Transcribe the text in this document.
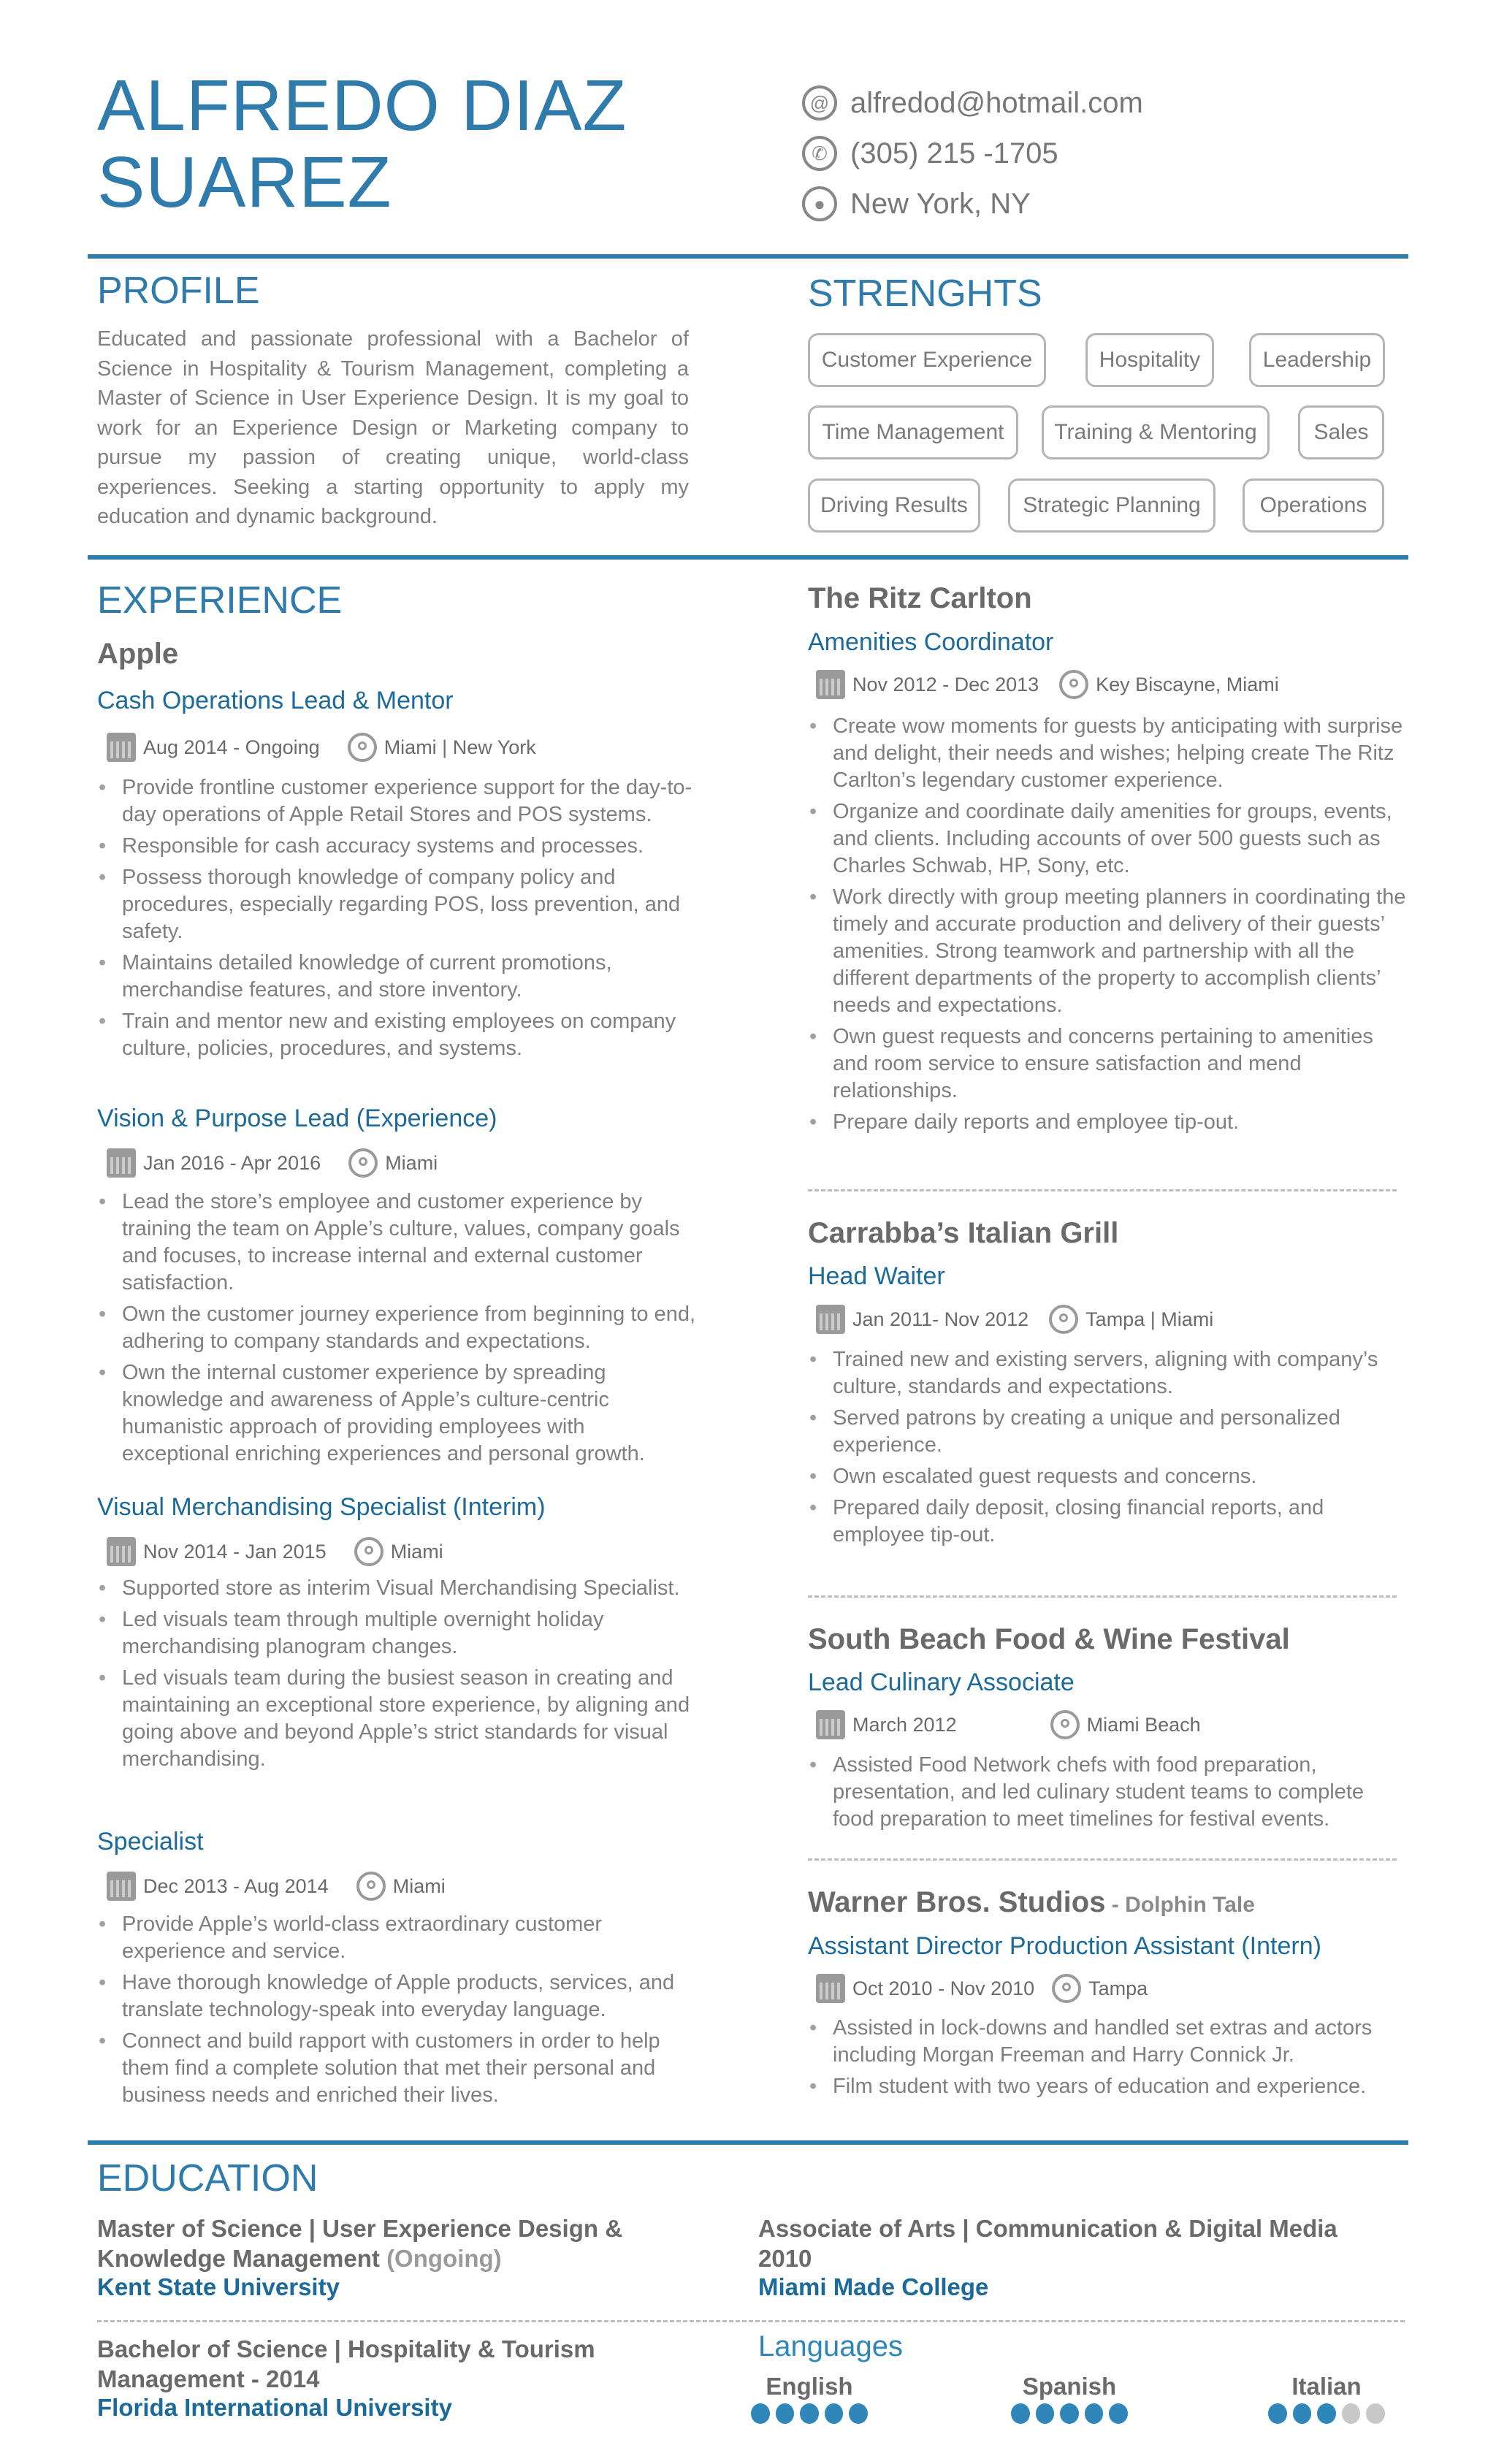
ALFREDO DIAZ
SUAREZ
@ alfredod@hotmail.com
✆ (305) 215 -1705
● New York, NY
PROFILE
Educated and passionate professional with a Bachelor of Science in Hospitality & Tourism Management, completing a Master of Science in User Experience Design. It is my goal to work for an Experience Design or Marketing company to pursue my passion of creating unique, world-class experiences. Seeking a starting opportunity to apply my education and dynamic background.
STRENGHTS
Customer Experience	Hospitality	Leadership
Time Management	Training & Mentoring	Sales
Driving Results	Strategic Planning	Operations
EXPERIENCE
Apple
Cash Operations Lead & Mentor
Aug 2014 - Ongoing	Miami | New York
• Provide frontline customer experience support for the day-to-day operations of Apple Retail Stores and POS systems.
• Responsible for cash accuracy systems and processes.
• Possess thorough knowledge of company policy and procedures, especially regarding POS, loss prevention, and safety.
• Maintains detailed knowledge of current promotions, merchandise features, and store inventory.
• Train and mentor new and existing employees on company culture, policies, procedures, and systems.
Vision & Purpose Lead (Experience)
Jan 2016 - Apr 2016	Miami
• Lead the store’s employee and customer experience by training the team on Apple’s culture, values, company goals and focuses, to increase internal and external customer satisfaction.
• Own the customer journey experience from beginning to end, adhering to company standards and expectations.
• Own the internal customer experience by spreading knowledge and awareness of Apple’s culture-centric humanistic approach of providing employees with exceptional enriching experiences and personal growth.
Visual Merchandising Specialist (Interim)
Nov 2014 - Jan 2015	Miami
• Supported store as interim Visual Merchandising Specialist.
• Led visuals team through multiple overnight holiday merchandising planogram changes.
• Led visuals team during the busiest season in creating and maintaining an exceptional store experience, by aligning and going above and beyond Apple’s strict standards for visual merchandising.
Specialist
Dec 2013 - Aug 2014	Miami
• Provide Apple’s world-class extraordinary customer experience and service.
• Have thorough knowledge of Apple products, services, and translate technology-speak into everyday language.
• Connect and build rapport with customers in order to help them find a complete solution that met their personal and business needs and enriched their lives.
The Ritz Carlton
Amenities Coordinator
Nov 2012 - Dec 2013	Key Biscayne, Miami
• Create wow moments for guests by anticipating with surprise and delight, their needs and wishes; helping create The Ritz Carlton’s legendary customer experience.
• Organize and coordinate daily amenities for groups, events, and clients. Including accounts of over 500 guests such as Charles Schwab, HP, Sony, etc.
• Work directly with group meeting planners in coordinating the timely and accurate production and delivery of their guests’ amenities. Strong teamwork and partnership with all the different departments of the property to accomplish clients’ needs and expectations.
• Own guest requests and concerns pertaining to amenities and room service to ensure satisfaction and mend relationships.
• Prepare daily reports and employee tip-out.
Carrabba’s Italian Grill
Head Waiter
Jan 2011- Nov 2012	Tampa | Miami
• Trained new and existing servers, aligning with company’s culture, standards and expectations.
• Served patrons by creating a unique and personalized experience.
• Own escalated guest requests and concerns.
• Prepared daily deposit, closing financial reports, and employee tip-out.
South Beach Food & Wine Festival
Lead Culinary Associate
March 2012	Miami Beach
• Assisted Food Network chefs with food preparation, presentation, and led culinary student teams to complete food preparation to meet timelines for festival events.
Warner Bros. Studios - Dolphin Tale
Assistant Director Production Assistant (Intern)
Oct 2010 - Nov 2010	Tampa
• Assisted in lock-downs and handled set extras and actors including Morgan Freeman and Harry Connick Jr.
• Film student with two years of education and experience.
EDUCATION
Master of Science | User Experience Design &
Knowledge Management (Ongoing)
Kent State University
Associate of Arts | Communication & Digital Media
2010
Miami Made College
Bachelor of Science | Hospitality & Tourism
Management - 2014
Florida International University
Languages
English	Spanish	Italian
